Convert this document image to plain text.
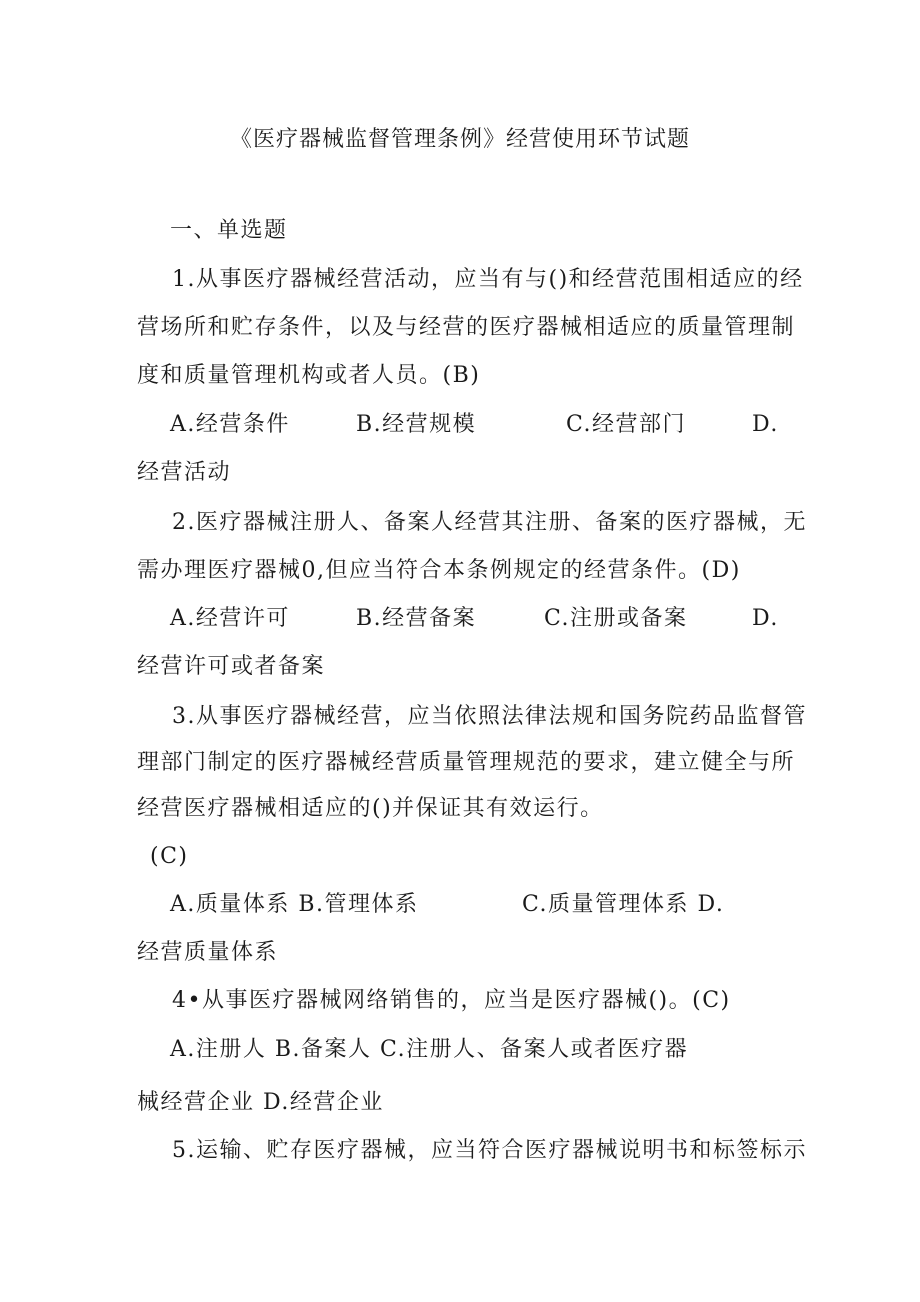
《医疗器械监督管理条例》经营使用环节试题
一、单选题
1.从事医疗器械经营活动，应当有与()和经营范围相适应的经
营场所和贮存条件，以及与经营的医疗器械相适应的质量管理制
度和质量管理机构或者人员。(B)
A.经营条件	B.经营规模	C.经营部门	D.
经营活动
2.医疗器械注册人、备案人经营其注册、备案的医疗器械，无
需办理医疗器械0,但应当符合本条例规定的经营条件。(D)
A.经营许可	B.经营备案	C.注册或备案	D.
经营许可或者备案
3.从事医疗器械经营，应当依照法律法规和国务院药品监督管
理部门制定的医疗器械经营质量管理规范的要求，建立健全与所
经营医疗器械相适应的()并保证其有效运行。
(C)
A.质量体系 B.管理体系	C.质量管理体系 D.
经营质量体系
4•从事医疗器械网络销售的，应当是医疗器械()。(C)
A.注册人 B.备案人 C.注册人、备案人或者医疗器
械经营企业 D.经营企业
5.运输、贮存医疗器械，应当符合医疗器械说明书和标签标示
